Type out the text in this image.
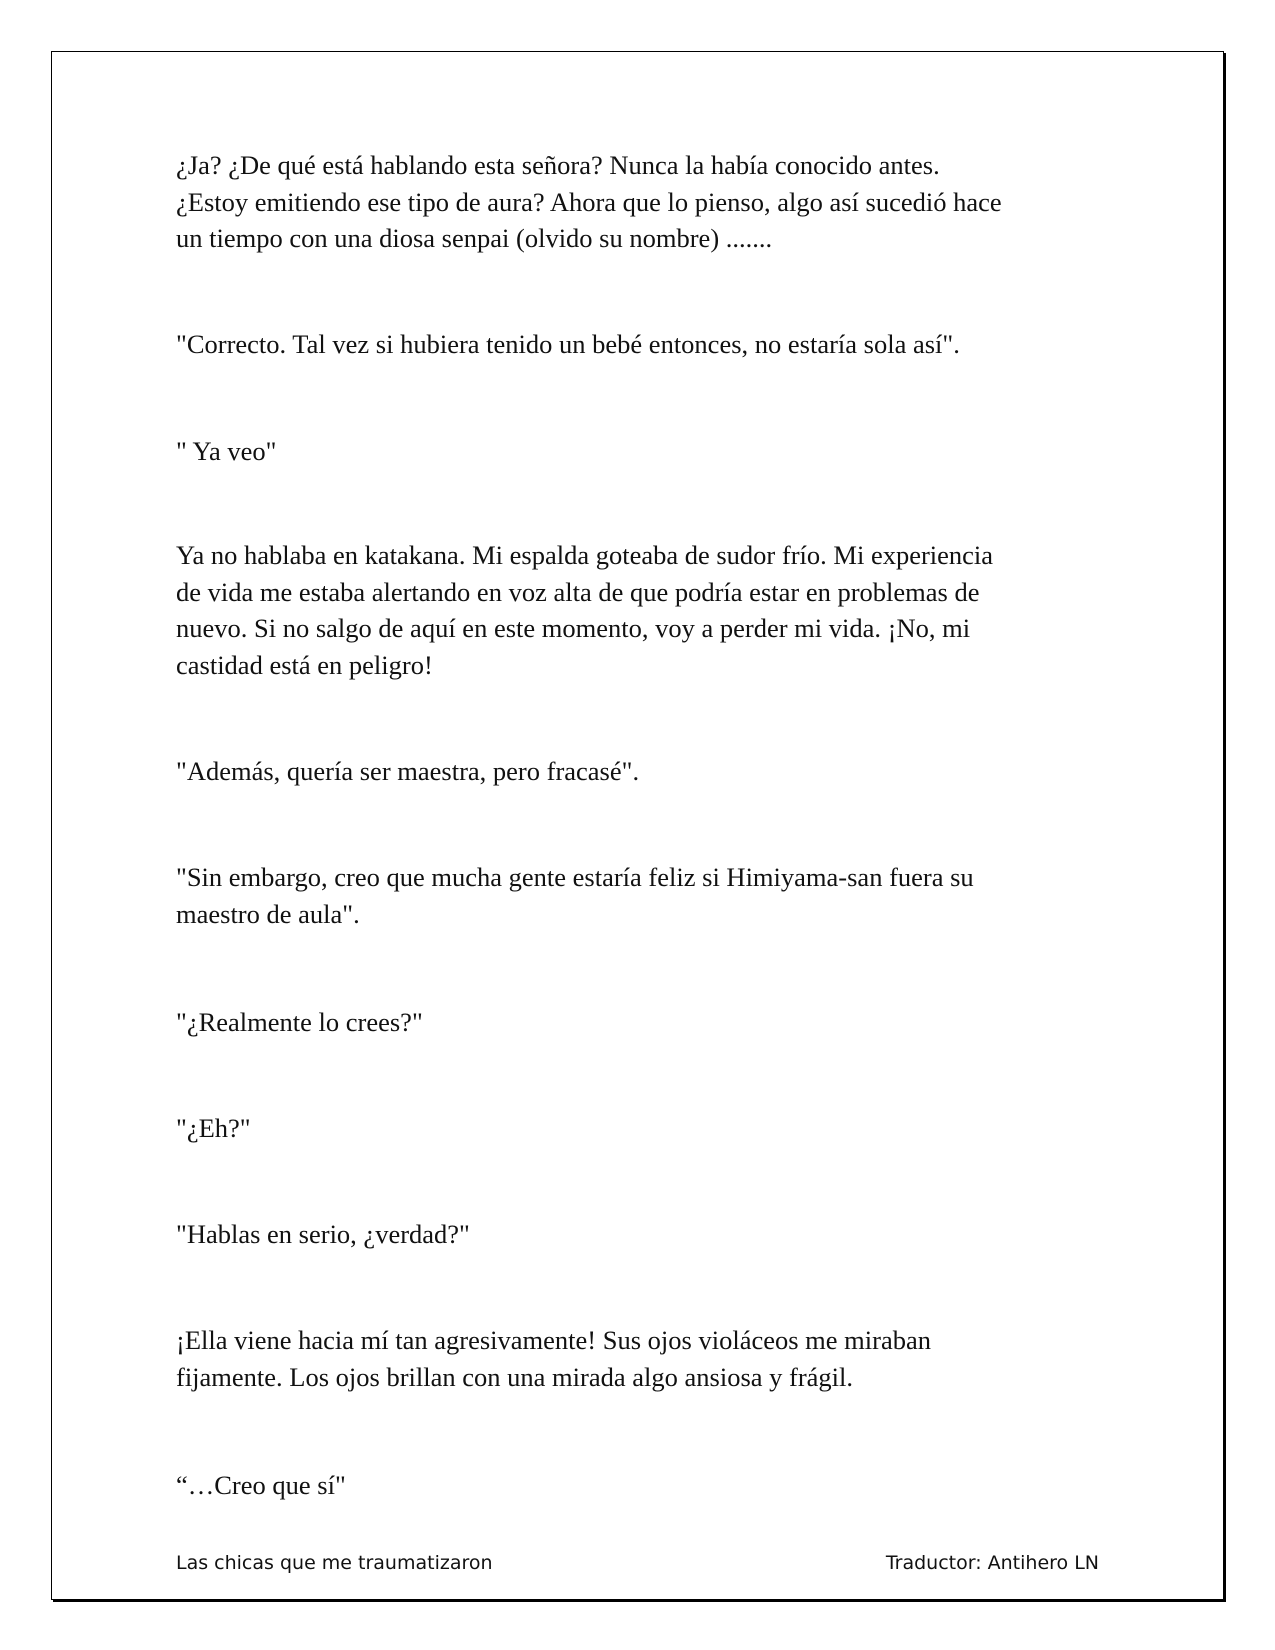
¿Ja? ¿De qué está hablando esta señora? Nunca la había conocido antes.
¿Estoy emitiendo ese tipo de aura? Ahora que lo pienso, algo así sucedió hace
un tiempo con una diosa senpai (olvido su nombre) .......

"Correcto. Tal vez si hubiera tenido un bebé entonces, no estaría sola así".

" Ya veo"

Ya no hablaba en katakana. Mi espalda goteaba de sudor frío. Mi experiencia
de vida me estaba alertando en voz alta de que podría estar en problemas de
nuevo. Si no salgo de aquí en este momento, voy a perder mi vida. ¡No, mi
castidad está en peligro!

"Además, quería ser maestra, pero fracasé".

"Sin embargo, creo que mucha gente estaría feliz si Himiyama-san fuera su
maestro de aula".

"¿Realmente lo crees?"

"¿Eh?"

"Hablas en serio, ¿verdad?"

¡Ella viene hacia mí tan agresivamente! Sus ojos violáceos me miraban
fijamente. Los ojos brillan con una mirada algo ansiosa y frágil.

“…Creo que sí"

Las chicas que me traumatizaron	Traductor: Antihero LN
